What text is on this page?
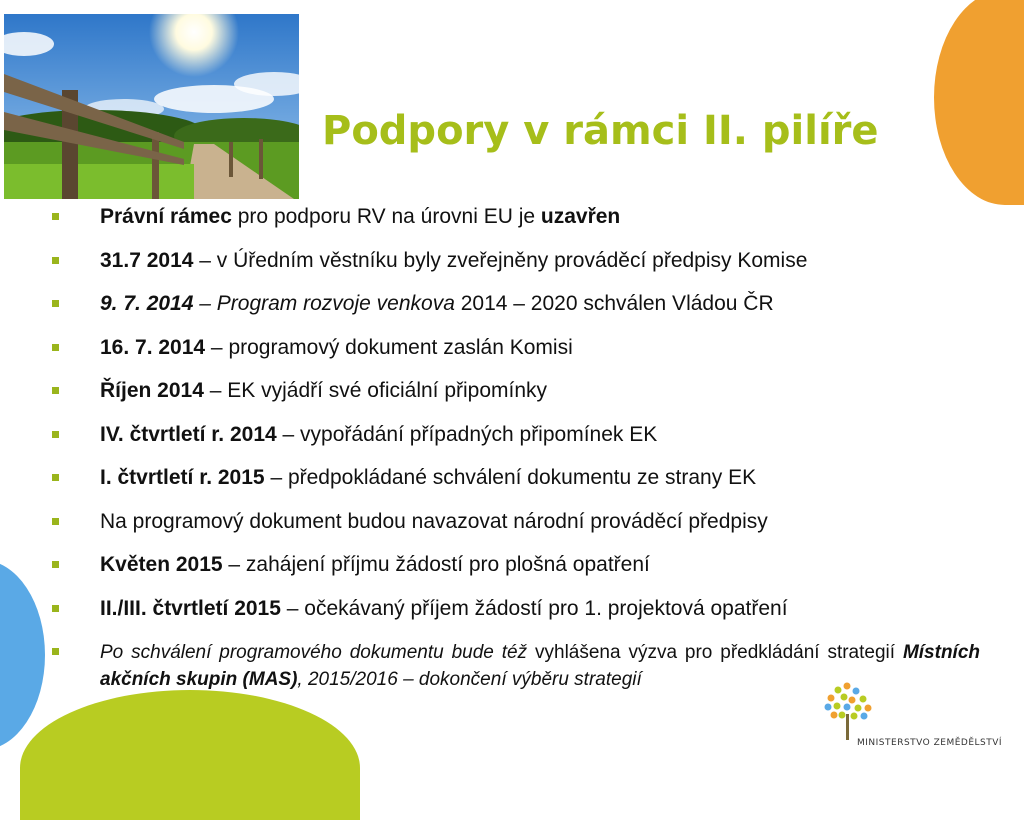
Podpory v rámci II. pilíře
Právní rámec pro podporu RV na úrovni EU je uzavřen
31.7 2014 – v Úředním věstníku byly zveřejněny prováděcí předpisy Komise
9. 7. 2014 – Program rozvoje venkova 2014 – 2020 schválen Vládou ČR
16. 7. 2014 – programový dokument zaslán Komisi
Říjen 2014 – EK vyjádří své oficiální připomínky
IV. čtvrtletí r. 2014 – vypořádání případných připomínek EK
I. čtvrtletí r. 2015 – předpokládané schválení dokumentu ze strany EK
Na programový dokument budou navazovat národní prováděcí předpisy
Květen 2015 – zahájení příjmu žádostí pro plošná opatření
II./III. čtvrtletí 2015 – očekávaný příjem žádostí pro 1. projektová opatření
Po schválení programového dokumentu bude též vyhlášena výzva pro předkládání strategií Místních akčních skupin (MAS), 2015/2016 – dokončení výběru strategií
MINISTERSTVO ZEMĚDĚLSTVÍ
